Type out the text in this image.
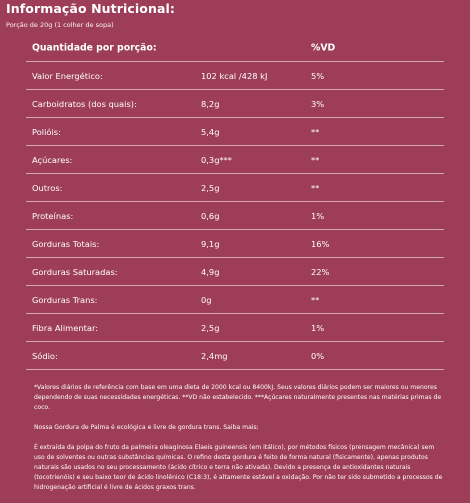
Informação Nutricional:
Porção de 20g (1 colher de sopa)
Quantidade por porção:	%VD
Valor Energético:	102 kcal /428 kJ	5%
Carboidratos (dos quais):	8,2g	3%
Polióis:	5,4g	**
Açúcares:	0,3g***	**
Outros:	2,5g	**
Proteínas:	0,6g	1%
Gorduras Totais:	9,1g	16%
Gorduras Saturadas:	4,9g	22%
Gorduras Trans:	0g	**
Fibra Alimentar:	2,5g	1%
Sódio:	2,4mg	0%

*Valores diários de referência com base em uma dieta de 2000 kcal ou 8400kJ. Seus valores diários podem ser maiores ou menores dependendo de suas necessidades energéticas. **VD não estabelecido. ***Açúcares naturalmente presentes nas matérias primas de coco.

Nossa Gordura de Palma é ecológica e livre de gordura trans. Saiba mais:

É extraída da polpa do fruto da palmeira oleaginosa Elaeis guineensis (em itálico), por métodos físicos (prensagem mecânica) sem uso de solventes ou outras substâncias químicas. O refino desta gordura é feito de forma natural (fisicamente), apenas produtos naturais são usados no seu processamento (ácido cítrico e terra não ativada). Devido a presença de antioxidantes naturais (tocotrienóis) e seu baixo teor de ácido linolênico (C18:3), é altamente estável a oxidação. Por não ter sido submetido a processos de hidrogenação artificial é livre de ácidos graxos trans.
